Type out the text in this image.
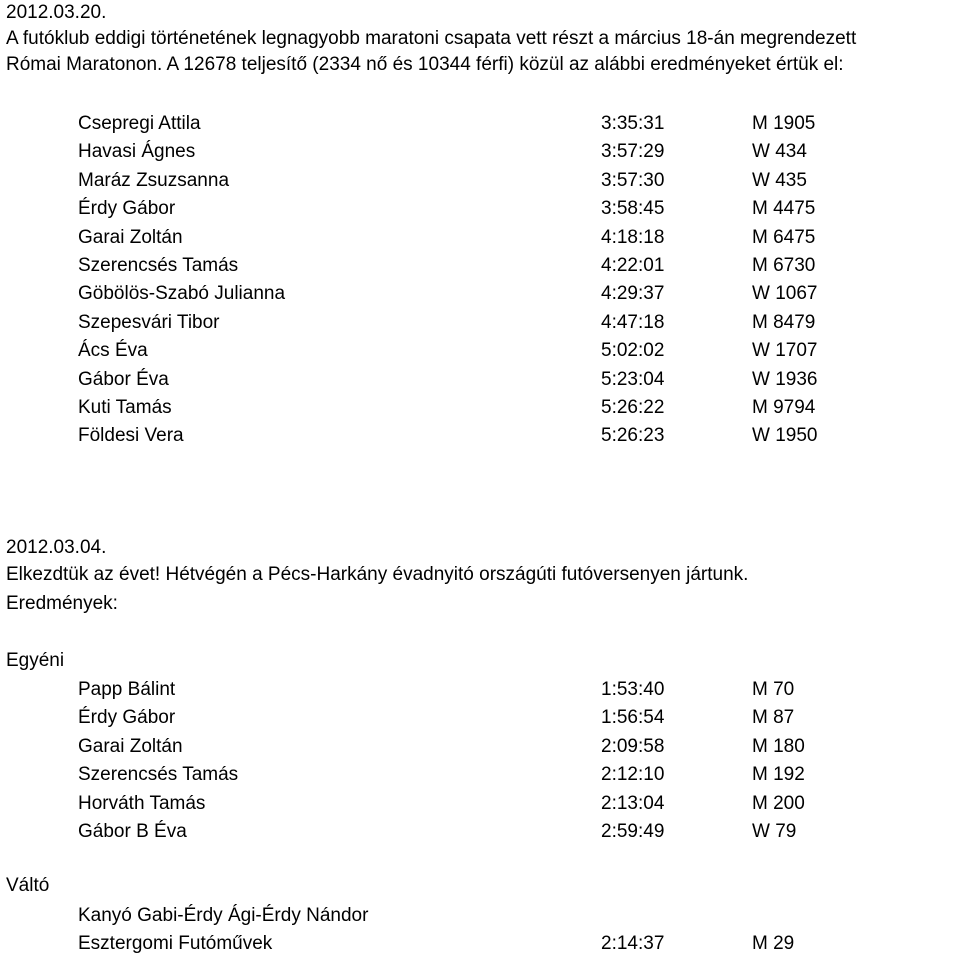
2012.03.20.
A futóklub eddigi történetének legnagyobb maratoni csapata vett részt a március 18-án megrendezett
Római Maratonon. A 12678 teljesítő (2334 nő és 10344 férfi) közül az alábbi eredményeket értük el:
Csepregi Attila	3:35:31	M 1905
Havasi Ágnes	3:57:29	W 434
Maráz Zsuzsanna	3:57:30	W 435
Érdy Gábor	3:58:45	M 4475
Garai Zoltán	4:18:18	M 6475
Szerencsés Tamás	4:22:01	M 6730
Göbölös-Szabó Julianna	4:29:37	W 1067
Szepesvári Tibor	4:47:18	M 8479
Ács Éva	5:02:02	W 1707
Gábor Éva	5:23:04	W 1936
Kuti Tamás	5:26:22	M 9794
Földesi Vera	5:26:23	W 1950
2012.03.04.
Elkezdtük az évet! Hétvégén a Pécs-Harkány évadnyitó országúti futóversenyen jártunk.
Eredmények:
Egyéni
Papp Bálint	1:53:40	M 70
Érdy Gábor	1:56:54	M 87
Garai Zoltán	2:09:58	M 180
Szerencsés Tamás	2:12:10	M 192
Horváth Tamás	2:13:04	M 200
Gábor B Éva	2:59:49	W 79
Váltó
Kanyó Gabi-Érdy Ági-Érdy Nándor
Esztergomi Futóművek	2:14:37	M 29
